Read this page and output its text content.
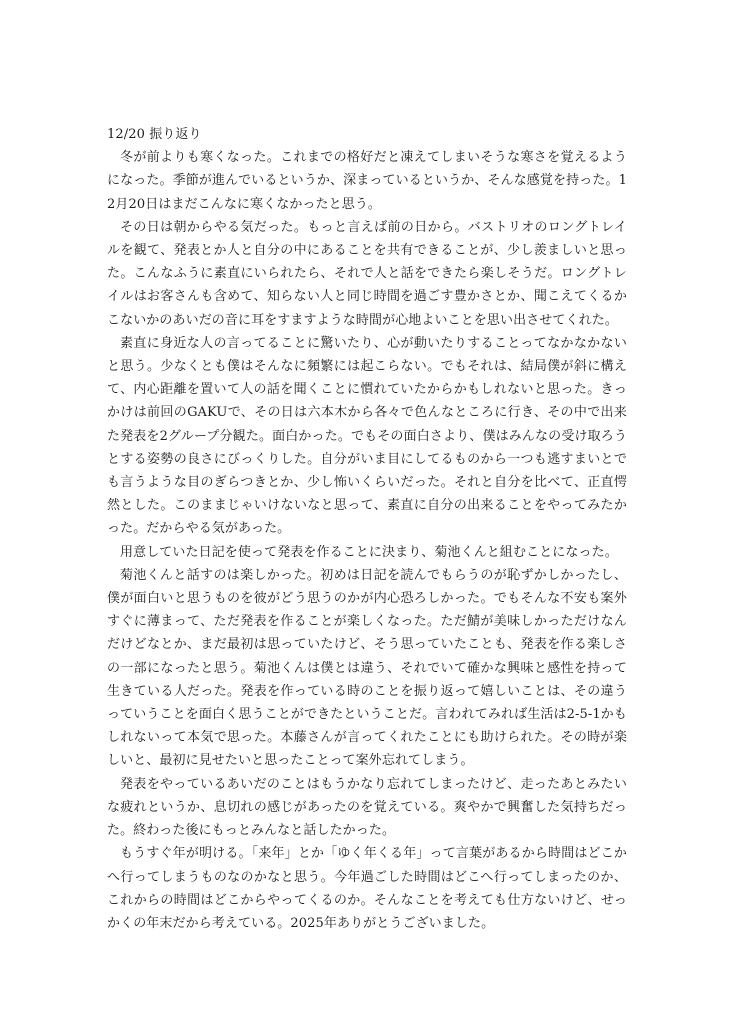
12/20 振り返り

冬が前よりも寒くなった。これまでの格好だと凍えてしまいそうな寒さを覚えるようになった。季節が進んでいるというか、深まっているというか、そんな感覚を持った。12月20日はまだこんなに寒くなかったと思う。

その日は朝からやる気だった。もっと言えば前の日から。バストリオのロングトレイルを観て、発表とか人と自分の中にあることを共有できることが、少し羨ましいと思った。こんなふうに素直にいられたら、それで人と話をできたら楽しそうだ。ロングトレイルはお客さんも含めて、知らない人と同じ時間を過ごす豊かさとか、聞こえてくるかこないかのあいだの音に耳をすますような時間が心地よいことを思い出させてくれた。

素直に身近な人の言ってることに驚いたり、心が動いたりすることってなかなかないと思う。少なくとも僕はそんなに頻繁には起こらない。でもそれは、結局僕が斜に構えて、内心距離を置いて人の話を聞くことに慣れていたからかもしれないと思った。きっかけは前回のGAKUで、その日は六本木から各々で色んなところに行き、その中で出来た発表を2グループ分観た。面白かった。でもその面白さより、僕はみんなの受け取ろうとする姿勢の良さにびっくりした。自分がいま目にしてるものから一つも逃すまいとでも言うような目のぎらつきとか、少し怖いくらいだった。それと自分を比べて、正直愕然とした。このままじゃいけないなと思って、素直に自分の出来ることをやってみたかった。だからやる気があった。

用意していた日記を使って発表を作ることに決まり、菊池くんと組むことになった。

菊池くんと話すのは楽しかった。初めは日記を読んでもらうのが恥ずかしかったし、僕が面白いと思うものを彼がどう思うのかが内心恐ろしかった。でもそんな不安も案外すぐに薄まって、ただ発表を作ることが楽しくなった。ただ鯖が美味しかっただけなんだけどなとか、まだ最初は思っていたけど、そう思っていたことも、発表を作る楽しさの一部になったと思う。菊池くんは僕とは違う、それでいて確かな興味と感性を持って生きている人だった。発表を作っている時のことを振り返って嬉しいことは、その違うっていうことを面白く思うことができたということだ。言われてみれば生活は2-5-1かもしれないって本気で思った。本藤さんが言ってくれたことにも助けられた。その時が楽しいと、最初に見せたいと思ったことって案外忘れてしまう。

発表をやっているあいだのことはもうかなり忘れてしまったけど、走ったあとみたいな疲れというか、息切れの感じがあったのを覚えている。爽やかで興奮した気持ちだった。終わった後にもっとみんなと話したかった。

もうすぐ年が明ける。「来年」とか「ゆく年くる年」って言葉があるから時間はどこかへ行ってしまうものなのかなと思う。今年過ごした時間はどこへ行ってしまったのか、これからの時間はどこからやってくるのか。そんなことを考えても仕方ないけど、せっかくの年末だから考えている。2025年ありがとうございました。
